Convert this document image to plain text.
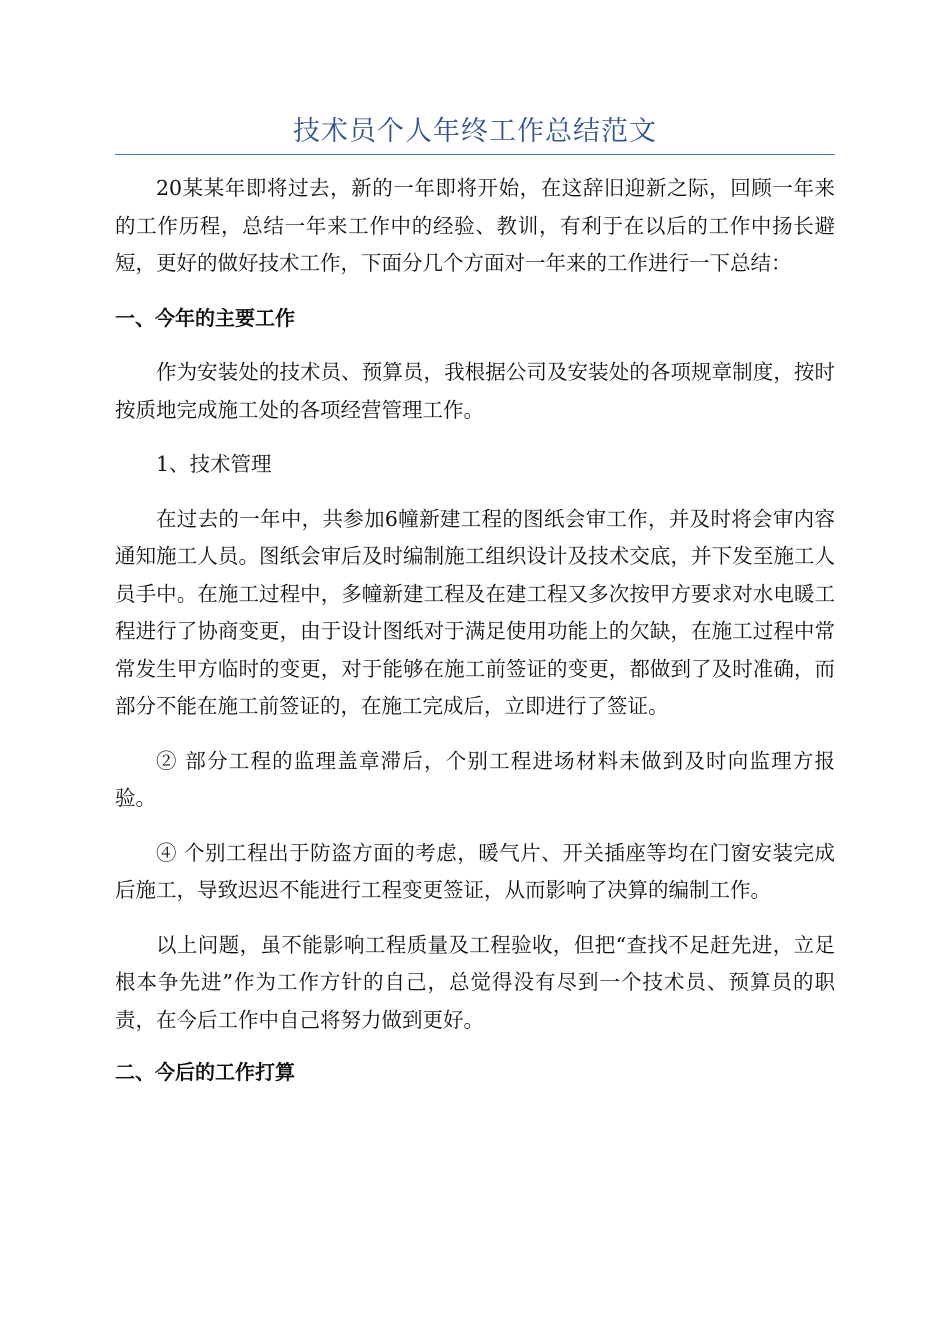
技术员个人年终工作总结范文

20某某年即将过去，新的一年即将开始，在这辞旧迎新之际，回顾一年来的工作历程，总结一年来工作中的经验、教训，有利于在以后的工作中扬长避短，更好的做好技术工作，下面分几个方面对一年来的工作进行一下总结：

一、今年的主要工作

作为安装处的技术员、预算员，我根据公司及安装处的各项规章制度，按时按质地完成施工处的各项经营管理工作。

1、技术管理

在过去的一年中，共参加6幢新建工程的图纸会审工作，并及时将会审内容通知施工人员。图纸会审后及时编制施工组织设计及技术交底，并下发至施工人员手中。在施工过程中，多幢新建工程及在建工程又多次按甲方要求对水电暖工程进行了协商变更，由于设计图纸对于满足使用功能上的欠缺，在施工过程中常常发生甲方临时的变更，对于能够在施工前签证的变更，都做到了及时准确，而部分不能在施工前签证的，在施工完成后，立即进行了签证。

② 部分工程的监理盖章滞后，个别工程进场材料未做到及时向监理方报验。

④ 个别工程出于防盗方面的考虑，暖气片、开关插座等均在门窗安装完成后施工，导致迟迟不能进行工程变更签证，从而影响了决算的编制工作。

以上问题，虽不能影响工程质量及工程验收，但把“查找不足赶先进，立足根本争先进”作为工作方针的自己，总觉得没有尽到一个技术员、预算员的职责，在今后工作中自己将努力做到更好。

二、今后的工作打算
